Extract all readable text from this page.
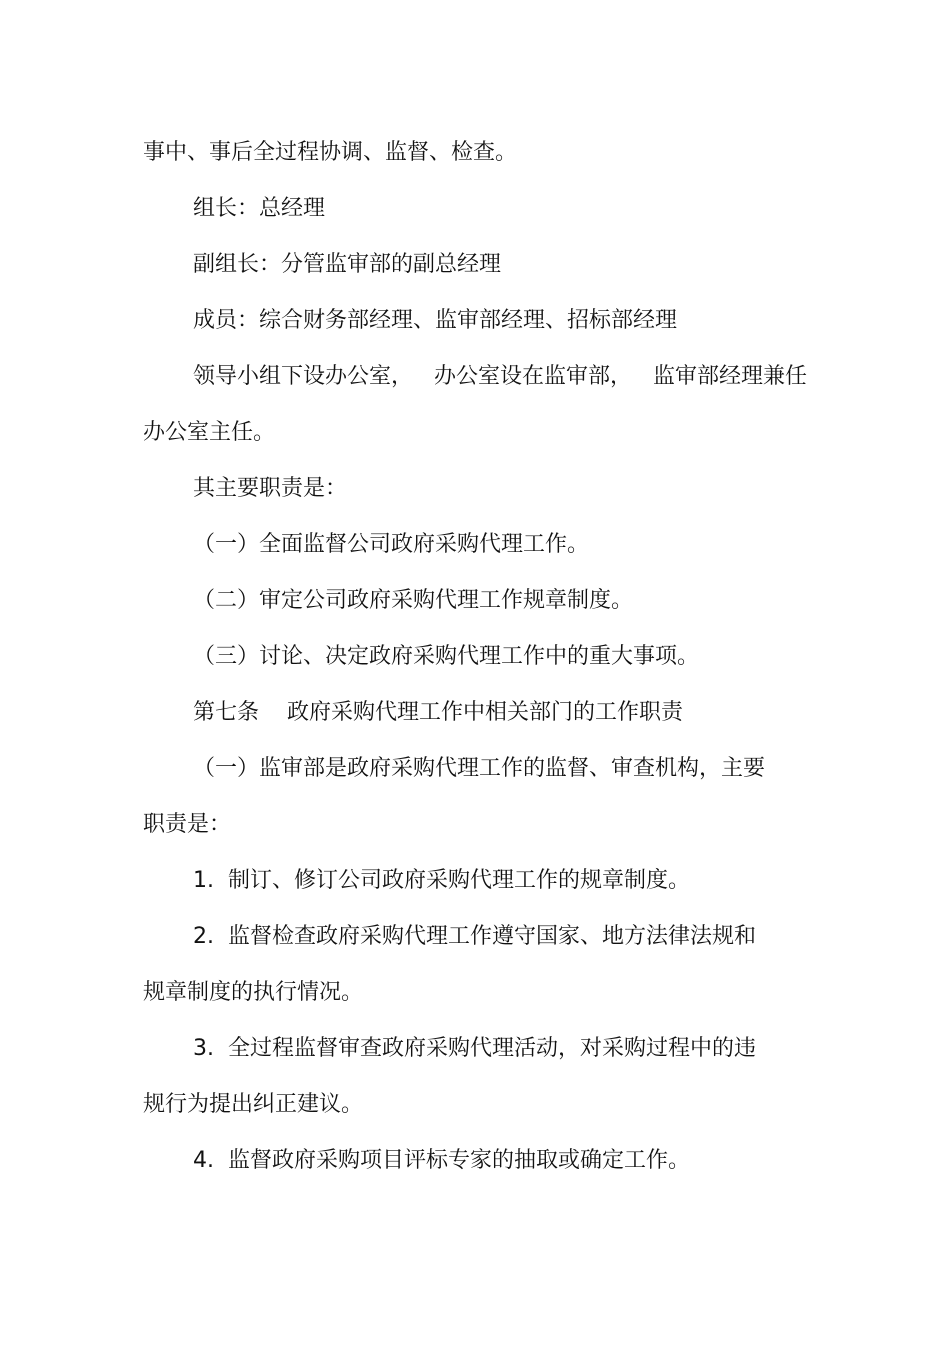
事中、事后全过程协调、监督、检查。
组长：总经理
副组长：分管监审部的副总经理
成员：综合财务部经理、监审部经理、招标部经理
领导小组下设办公室，   办公室设在监审部，   监审部经理兼任
办公室主任。
其主要职责是：
（一）全面监督公司政府采购代理工作。
（二）审定公司政府采购代理工作规章制度。
（三）讨论、决定政府采购代理工作中的重大事项。
第七条    政府采购代理工作中相关部门的工作职责
（一）监审部是政府采购代理工作的监督、审查机构，主要
职责是：
1.  制订、修订公司政府采购代理工作的规章制度。
2.  监督检查政府采购代理工作遵守国家、地方法律法规和
规章制度的执行情况。
3.  全过程监督审查政府采购代理活动，对采购过程中的违
规行为提出纠正建议。
4.  监督政府采购项目评标专家的抽取或确定工作。
